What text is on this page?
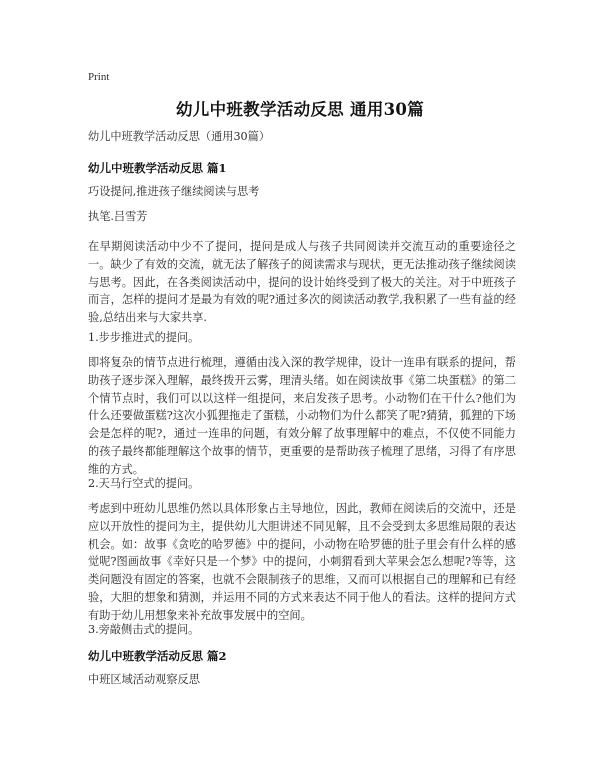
Print
幼儿中班教学活动反思 通用30篇

幼儿中班教学活动反思（通用30篇）

幼儿中班教学活动反思 篇1

巧设提问,推进孩子继续阅读与思考

执笔.吕雪芳

在早期阅读活动中少不了提问，提问是成人与孩子共同阅读并交流互动的重要途径之一。缺少了有效的交流，就无法了解孩子的阅读需求与现状，更无法推动孩子继续阅读与思考。因此，在各类阅读活动中，提问的设计始终受到了极大的关注。对于中班孩子而言，怎样的提问才是最为有效的呢?通过多次的阅读活动教学,我积累了一些有益的经验,总结出来与大家共享.

1.步步推进式的提问。

即将复杂的情节点进行梳理，遵循由浅入深的教学规律，设计一连串有联系的提问，帮助孩子逐步深入理解，最终拨开云雾，理清头绪。如在阅读故事《第二块蛋糕》的第二个情节点时，我们可以以这样一组提问，来启发孩子思考。小动物们在干什么?他们为什么还要做蛋糕?这次小狐狸拖走了蛋糕，小动物们为什么都笑了呢?猜猜，狐狸的下场会是怎样的呢?，通过一连串的问题，有效分解了故事理解中的难点，不仅使不同能力的孩子最终都能理解这个故事的情节，更重要的是帮助孩子梳理了思绪，习得了有序思维的方式。

2.天马行空式的提问。

考虑到中班幼儿思维仍然以具体形象占主导地位，因此，教师在阅读后的交流中，还是应以开放性的提问为主，提供幼儿大胆讲述不同见解，且不会受到太多思维局限的表达机会。如：故事《贪吃的哈罗德》中的提问，小动物在哈罗德的肚子里会有什么样的感觉呢?图画故事《幸好只是一个梦》中的提问，小刺猬看到大苹果会怎么想呢?等等，这类问题没有固定的答案，也就不会限制孩子的思维，又而可以根据自己的理解和已有经验，大胆的想象和猜测，并运用不同的方式来表达不同于他人的看法。这样的提问方式有助于幼儿用想象来补充故事发展中的空间。

3.旁敲侧击式的提问。

幼儿中班教学活动反思 篇2

中班区域活动观察反思
